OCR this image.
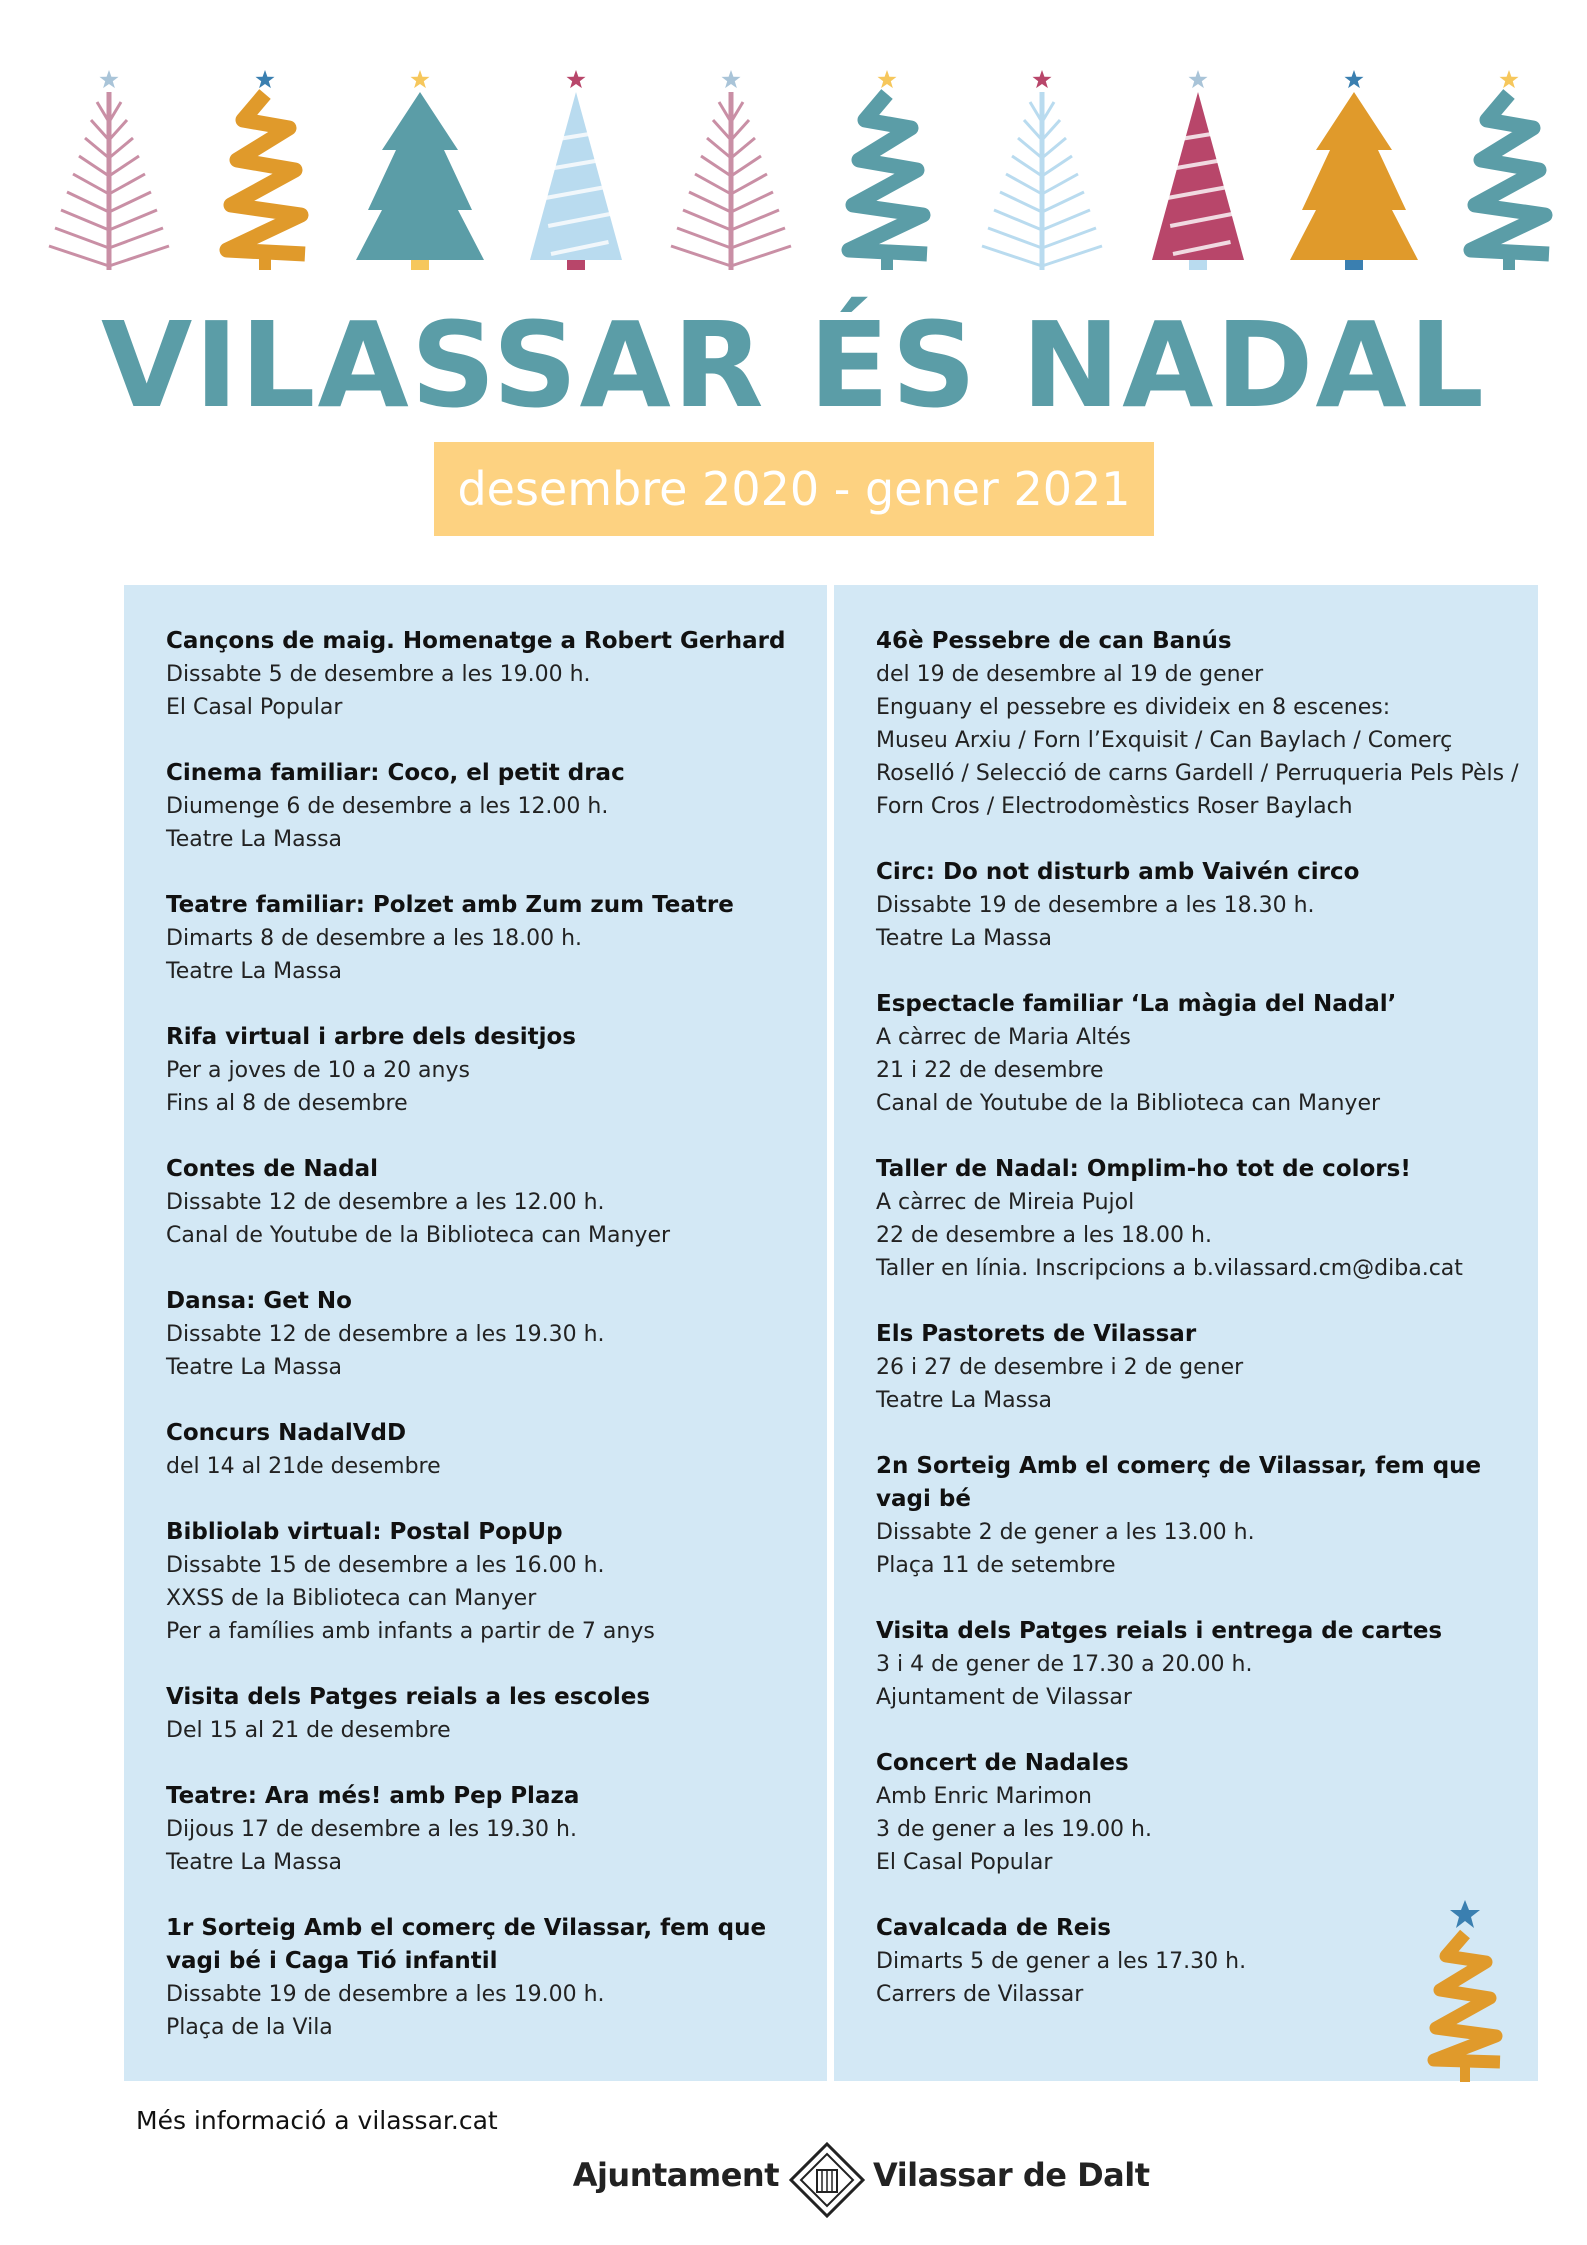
VILASSAR ÉS NADAL
desembre 2020 - gener 2021
Cançons de maig. Homenatge a Robert Gerhard
Dissabte 5 de desembre a les 19.00 h.
El Casal Popular
Cinema familiar: Coco, el petit drac
Diumenge 6 de desembre a les 12.00 h.
Teatre La Massa
Teatre familiar: Polzet amb Zum zum Teatre
Dimarts 8 de desembre a les 18.00 h.
Teatre La Massa
Rifa virtual i arbre dels desitjos
Per a joves de 10 a 20 anys
Fins al 8 de desembre
Contes de Nadal
Dissabte 12 de desembre a les 12.00 h.
Canal de Youtube de la Biblioteca can Manyer
Dansa: Get No
Dissabte 12 de desembre a les 19.30 h.
Teatre La Massa
Concurs NadalVdD
del 14 al 21de desembre
Bibliolab virtual: Postal PopUp
Dissabte 15 de desembre a les 16.00 h.
XXSS de la Biblioteca can Manyer
Per a famílies amb infants a partir de 7 anys
Visita dels Patges reials a les escoles
Del 15 al 21 de desembre
Teatre: Ara més! amb Pep Plaza
Dijous 17 de desembre a les 19.30 h.
Teatre La Massa
1r Sorteig Amb el comerç de Vilassar, fem que vagi bé i Caga Tió infantil
Dissabte 19 de desembre a les 19.00 h.
Plaça de la Vila
46è Pessebre de can Banús
del 19 de desembre al 19 de gener
Enguany el pessebre es divideix en 8 escenes:
Museu Arxiu / Forn l’Exquisit / Can Baylach / Comerç
Roselló / Selecció de carns Gardell / Perruqueria Pels Pèls /
Forn Cros / Electrodomèstics Roser Baylach
Circ: Do not disturb amb Vaivén circo
Dissabte 19 de desembre a les 18.30 h.
Teatre La Massa
Espectacle familiar ‘La màgia del Nadal’
A càrrec de Maria Altés
21 i 22 de desembre
Canal de Youtube de la Biblioteca can Manyer
Taller de Nadal: Omplim-ho tot de colors!
A càrrec de Mireia Pujol
22 de desembre a les 18.00 h.
Taller en línia. Inscripcions a b.vilassard.cm@diba.cat
Els Pastorets de Vilassar
26 i 27 de desembre i 2 de gener
Teatre La Massa
2n Sorteig Amb el comerç de Vilassar, fem que vagi bé
Dissabte 2 de gener a les 13.00 h.
Plaça 11 de setembre
Visita dels Patges reials i entrega de cartes
3 i 4 de gener de 17.30 a 20.00 h.
Ajuntament de Vilassar
Concert de Nadales
Amb Enric Marimon
3 de gener a les 19.00 h.
El Casal Popular
Cavalcada de Reis
Dimarts 5 de gener a les 17.30 h.
Carrers de Vilassar
Més informació a vilassar.cat
Ajuntament	Vilassar de Dalt
